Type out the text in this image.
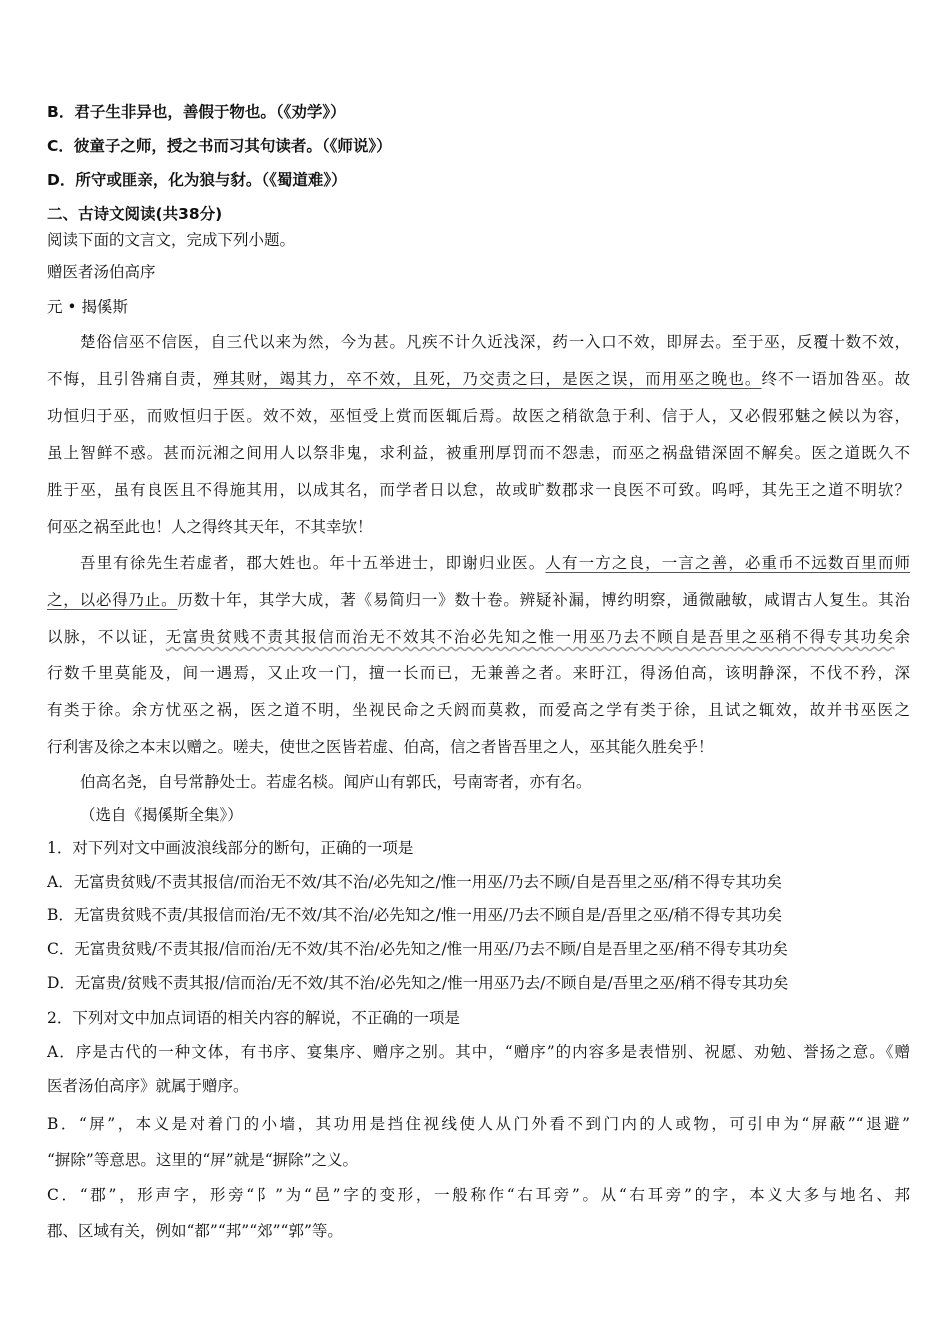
B．君子生非异也，善假于物也。（《劝学》）
C．彼童子之师，授之书而习其句读者。（《师说》）
D．所守或匪亲，化为狼与豺。（《蜀道难》）
二、古诗文阅读(共38分)
阅读下面的文言文，完成下列小题。
赠医者汤伯高序
元 • 揭傒斯
楚俗信巫不信医，自三代以来为然，今为甚。凡疾不计久近浅深，药一入口不效，即屏去。至于巫，反覆十数不效，
不悔，且引咎痛自责，殚其财，竭其力，卒不效，且死，乃交责之曰，是医之误，而用巫之晚也。终不一语加咎巫。故
功恒归于巫，而败恒归于医。效不效，巫恒受上赏而医辄后焉。故医之稍欲急于利、信于人，又必假邪魅之候以为容，
虽上智鲜不惑。甚而沅湘之间用人以祭非鬼，求利益，被重刑厚罚而不怨恚，而巫之祸盘错深固不解矣。医之道既久不
胜于巫，虽有良医且不得施其用，以成其名，而学者日以怠，故或旷数郡求一良医不可致。呜呼，其先王之道不明欤？
何巫之祸至此也！人之得终其天年，不其幸欤！
吾里有徐先生若虚者，郡大姓也。年十五举进士，即谢归业医。人有一方之良，一言之善，必重币不远数百里而师
之，以必得乃止。历数十年，其学大成，著《易简归一》数十卷。辨疑补漏，博约明察，通微融敏，咸谓古人复生。其治
以脉，不以证，无富贵贫贱不责其报信而治无不效其不治必先知之惟一用巫乃去不顾自是吾里之巫稍不得专其功矣余
行数千里莫能及，间一遇焉，又止攻一门，擅一长而已，无兼善之者。来盱江，得汤伯高，该明静深，不伐不矜，深
有类于徐。余方忧巫之祸，医之道不明，坐视民命之夭阏而莫救，而爱高之学有类于徐，且试之辄效，故并书巫医之
行利害及徐之本末以赠之。嗟夫，使世之医皆若虚、伯高，信之者皆吾里之人，巫其能久胜矣乎！
伯高名尧，自号常静处士。若虚名棪。闻庐山有郭氏，号南寄者，亦有名。
（选自《揭傒斯全集》）
1．对下列对文中画波浪线部分的断句，正确的一项是
A．无富贵贫贱/不责其报信/而治无不效/其不治/必先知之/惟一用巫/乃去不顾/自是吾里之巫/稍不得专其功矣
B．无富贵贫贱不责/其报信而治/无不效/其不治/必先知之/惟一用巫/乃去不顾自是/吾里之巫/稍不得专其功矣
C．无富贵贫贱/不责其报/信而治/无不效/其不治/必先知之/惟一用巫/乃去不顾/自是吾里之巫/稍不得专其功矣
D．无富贵/贫贱不责其报/信而治/无不效/其不治/必先知之/惟一用巫乃去/不顾自是/吾里之巫/稍不得专其功矣
2．下列对文中加点词语的相关内容的解说，不正确的一项是
A．序是古代的一种文体，有书序、宴集序、赠序之别。其中，“赠序”的内容多是表惜别、祝愿、劝勉、誉扬之意。《赠
医者汤伯高序》就属于赠序。
B．“屏”，本义是对着门的小墙，其功用是挡住视线使人从门外看不到门内的人或物，可引申为“屏蔽”“退避”
“摒除”等意思。这里的“屏”就是“摒除”之义。
C．“郡”，形声字，形旁“阝”为“邑”字的变形，一般称作“右耳旁”。从“右耳旁”的字，本义大多与地名、邦
郡、区域有关，例如“都”“邦”“郊”“郭”等。
